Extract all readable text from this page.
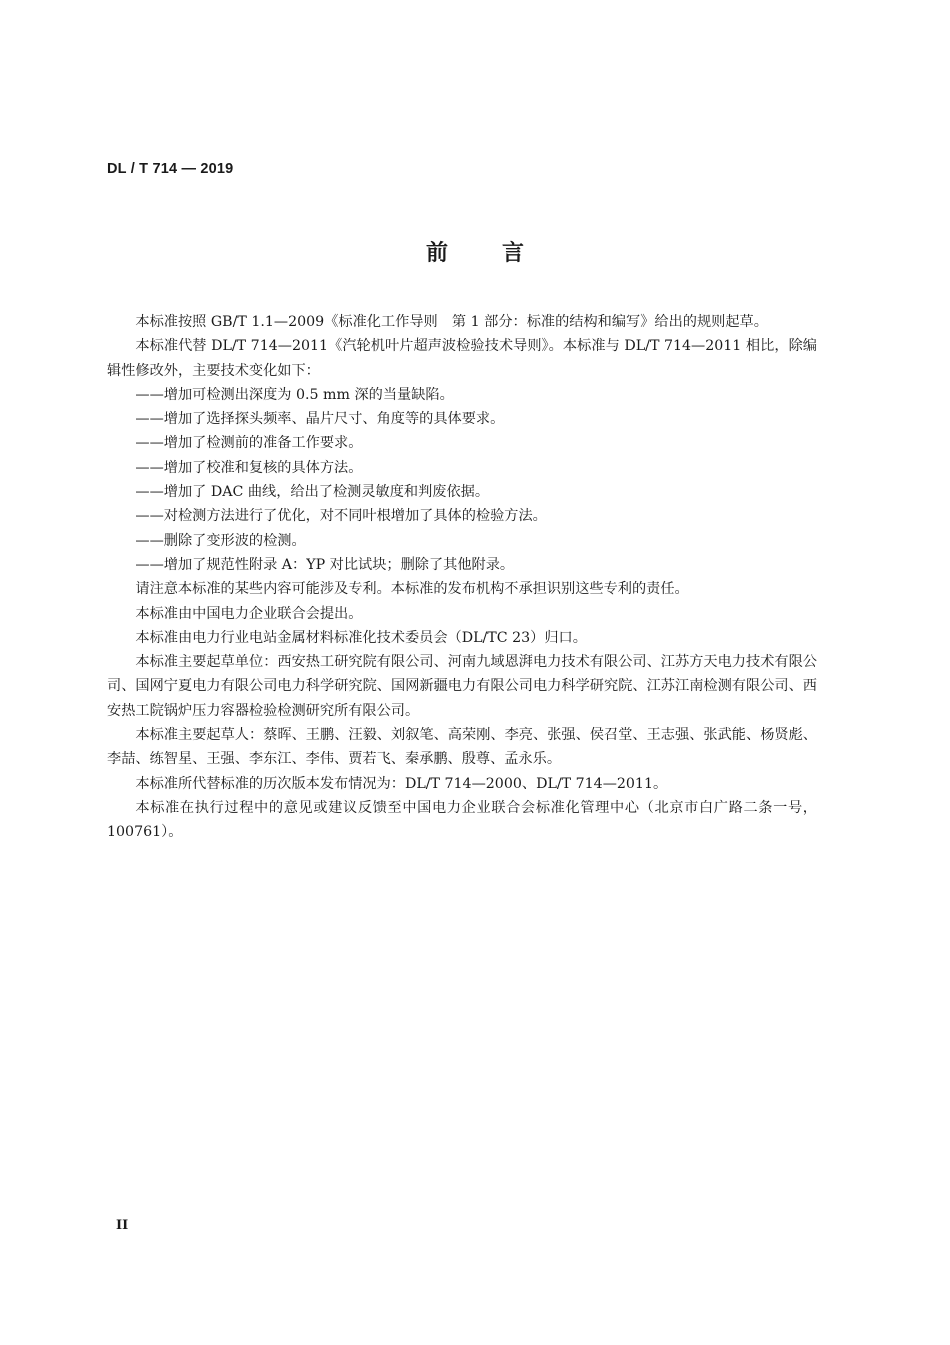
DL / T 714 — 2019
前 言

本标准按照 GB/T 1.1—2009《标准化工作导则　第 1 部分：标准的结构和编写》给出的规则起草。

本标准代替 DL/T 714—2011《汽轮机叶片超声波检验技术导则》。本标准与 DL/T 714—2011 相比，除编辑性修改外，主要技术变化如下：

——增加可检测出深度为 0.5 mm 深的当量缺陷。

——增加了选择探头频率、晶片尺寸、角度等的具体要求。

——增加了检测前的准备工作要求。

——增加了校准和复核的具体方法。

——增加了 DAC 曲线，给出了检测灵敏度和判废依据。

——对检测方法进行了优化，对不同叶根增加了具体的检验方法。

——删除了变形波的检测。

——增加了规范性附录 A：YP 对比试块；删除了其他附录。

请注意本标准的某些内容可能涉及专利。本标准的发布机构不承担识别这些专利的责任。

本标准由中国电力企业联合会提出。

本标准由电力行业电站金属材料标准化技术委员会（DL/TC 23）归口。

本标准主要起草单位：西安热工研究院有限公司、河南九域恩湃电力技术有限公司、江苏方天电力技术有限公司、国网宁夏电力有限公司电力科学研究院、国网新疆电力有限公司电力科学研究院、江苏江南检测有限公司、西安热工院锅炉压力容器检验检测研究所有限公司。

本标准主要起草人：蔡晖、王鹏、汪毅、刘叙笔、高荣刚、李亮、张强、侯召堂、王志强、张武能、杨贤彪、李喆、练智星、王强、李东江、李伟、贾若飞、秦承鹏、殷尊、孟永乐。

本标准所代替标准的历次版本发布情况为：DL/T 714—2000、DL/T 714—2011。

本标准在执行过程中的意见或建议反馈至中国电力企业联合会标准化管理中心（北京市白广路二条一号，100761）。

II
